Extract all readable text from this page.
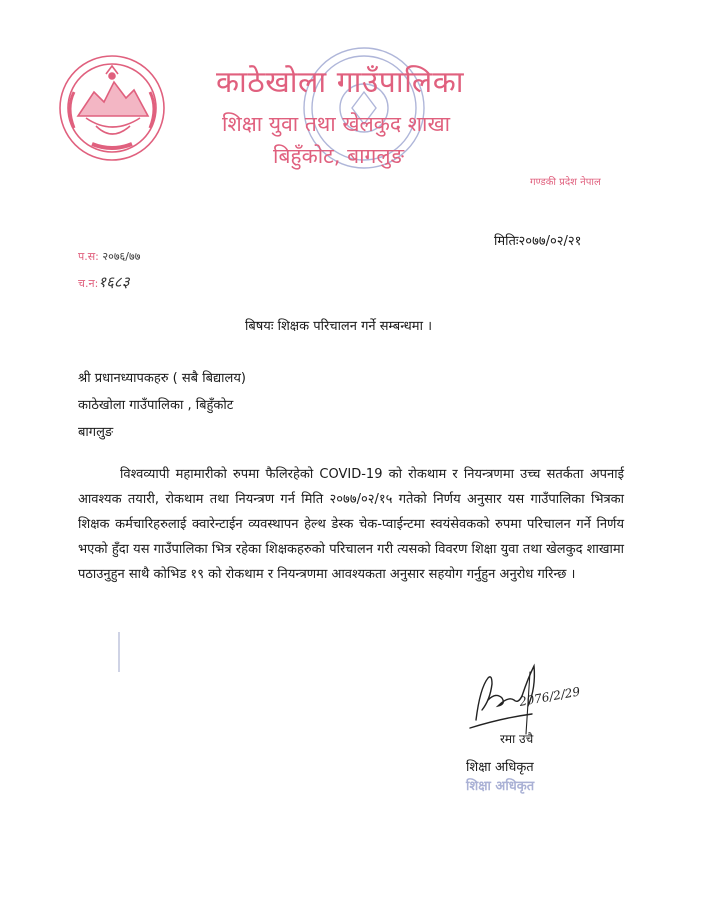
काठेखोला गाउँपालिका
शिक्षा युवा तथा खेलकुद शाखा
बिहुँकोट, बागलुङ
गण्डकी प्रदेश नेपाल
मितिः२०७७/०२/२१
प.स: २०७६/७७
च.न:१६८३
बिषयः शिक्षक परिचालन गर्ने सम्बन्धमा ।
श्री प्रधानध्यापकहरु ( सबै बिद्यालय)
काठेखोला गाउँपालिका , बिहुँकोट
बागलुङ
विश्वव्यापी महामारीको रुपमा फैलिरहेको COVID-19 को रोकथाम र नियन्त्रणमा उच्च सतर्कता अपनाई आवश्यक तयारी, रोकथाम तथा नियन्त्रण गर्न मिति २०७७/०२/१५ गतेको निर्णय अनुसार यस गाउँपालिका भित्रका शिक्षक कर्मचारिहरुलाई क्वारेन्टाईन व्यवस्थापन हेल्थ डेस्क चेक-प्वाईन्टमा स्वयंसेवकको रुपमा परिचालन गर्ने निर्णय भएको हुँदा यस गाउँपालिका भित्र रहेका शिक्षकहरुको परिचालन गरी त्यसको विवरण शिक्षा युवा तथा खेलकुद शाखामा पठाउनुहुन साथै कोभिड १९ को रोकथाम र नियन्त्रणमा आवश्यकता अनुसार सहयोग गर्नुहुन अनुरोध गरिन्छ ।
2076/2/29
रमा उचै
शिक्षा अधिकृत
शिक्षा अधिकृत
